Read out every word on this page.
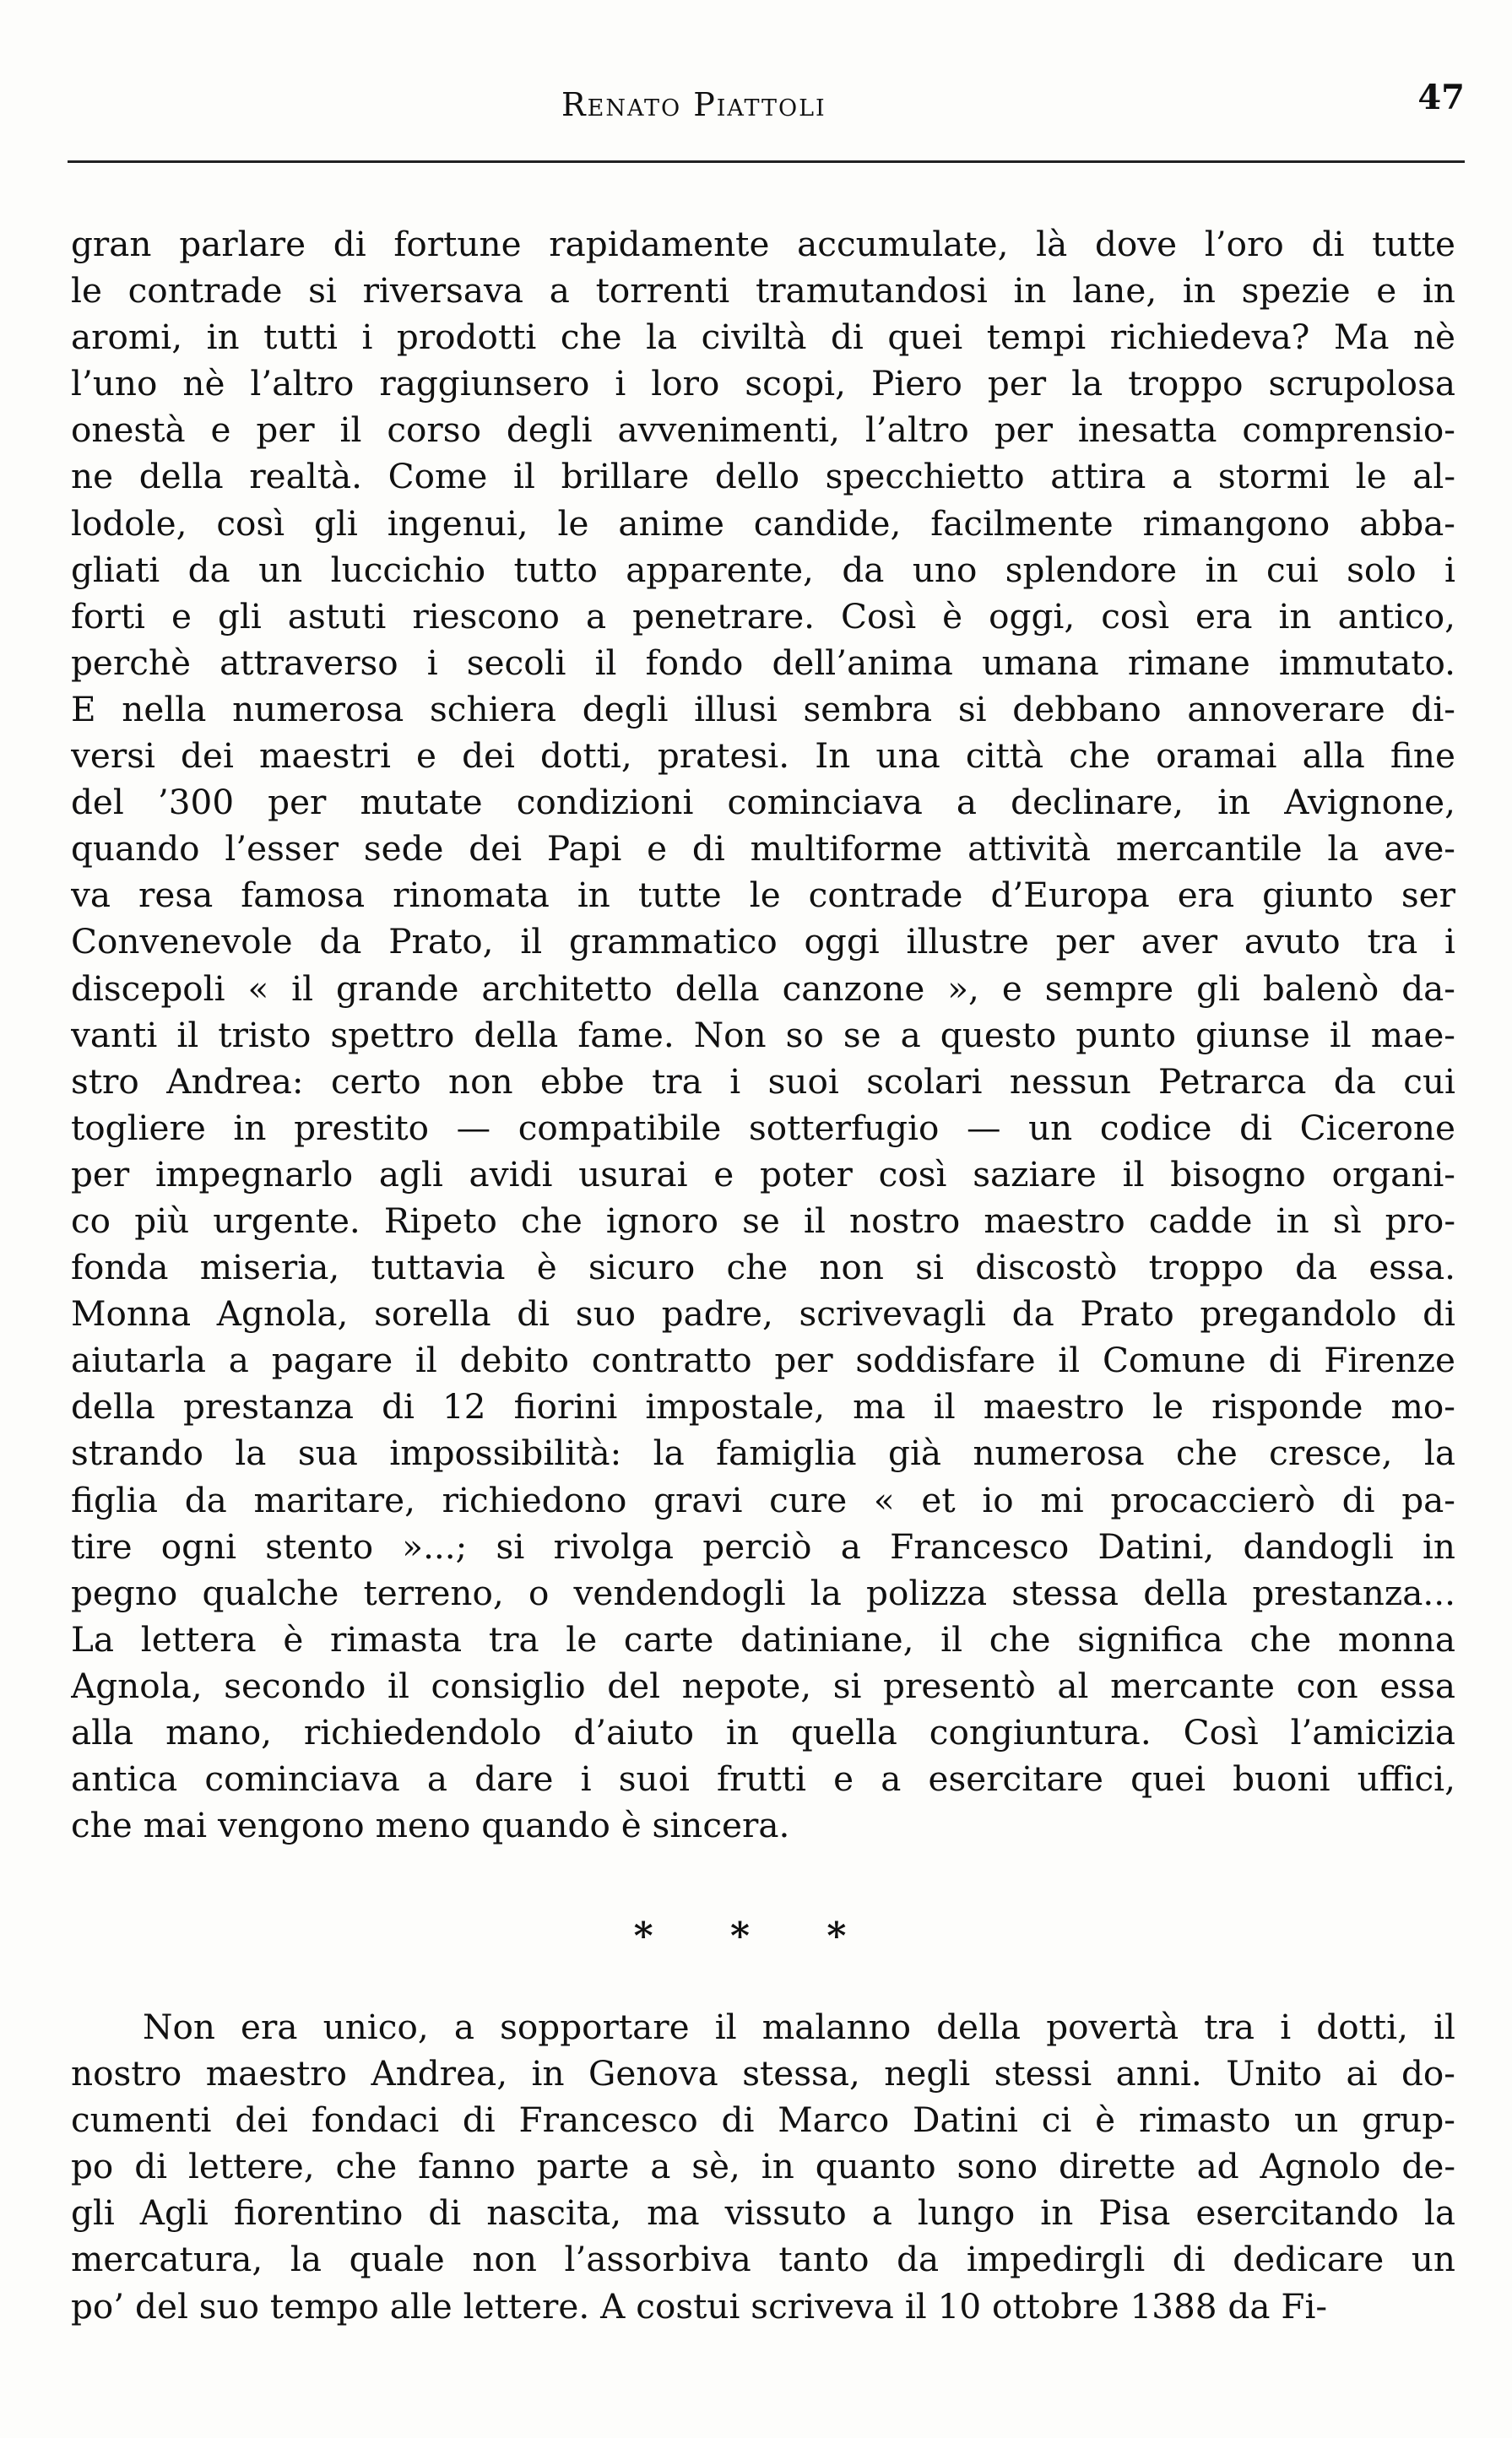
Renato Piattoli	47
gran parlare di fortune rapidamente accumulate, là dove l’oro di tutte
le contrade si riversava a torrenti tramutandosi in lane, in spezie e in
aromi, in tutti i prodotti che la civiltà di quei tempi richiedeva? Ma nè
l’uno nè l’altro raggiunsero i loro scopi, Piero per la troppo scrupolosa
onestà e per il corso degli avvenimenti, l’altro per inesatta comprensio-
ne della realtà. Come il brillare dello specchietto attira a stormi le al-
lodole, così gli ingenui, le anime candide, facilmente rimangono abba-
gliati da un luccichio tutto apparente, da uno splendore in cui solo i
forti e gli astuti riescono a penetrare. Così è oggi, così era in antico,
perchè attraverso i secoli il fondo dell’anima umana rimane immutato.
E nella numerosa schiera degli illusi sembra si debbano annoverare di-
versi dei maestri e dei dotti, pratesi. In una città che oramai alla fine
del ’300 per mutate condizioni cominciava a declinare, in Avignone,
quando l’esser sede dei Papi e di multiforme attività mercantile la ave-
va resa famosa rinomata in tutte le contrade d’Europa era giunto ser
Convenevole da Prato, il grammatico oggi illustre per aver avuto tra i
discepoli « il grande architetto della canzone », e sempre gli balenò da-
vanti il tristo spettro della fame. Non so se a questo punto giunse il mae-
stro Andrea: certo non ebbe tra i suoi scolari nessun Petrarca da cui
togliere in prestito — compatibile sotterfugio — un codice di Cicerone
per impegnarlo agli avidi usurai e poter così saziare il bisogno organi-
co più urgente. Ripeto che ignoro se il nostro maestro cadde in sì pro-
fonda miseria, tuttavia è sicuro che non si discostò troppo da essa.
Monna Agnola, sorella di suo padre, scrivevagli da Prato pregandolo di
aiutarla a pagare il debito contratto per soddisfare il Comune di Firenze
della prestanza di 12 fiorini impostale, ma il maestro le risponde mo-
strando la sua impossibilità: la famiglia già numerosa che cresce, la
figlia da maritare, richiedono gravi cure « et io mi procaccierò di pa-
tire ogni stento »...; si rivolga perciò a Francesco Datini, dandogli in
pegno qualche terreno, o vendendogli la polizza stessa della prestanza...
La lettera è rimasta tra le carte datiniane, il che significa che monna
Agnola, secondo il consiglio del nepote, si presentò al mercante con essa
alla mano, richiedendolo d’aiuto in quella congiuntura. Così l’amicizia
antica cominciava a dare i suoi frutti e a esercitare quei buoni uffici,
che mai vengono meno quando è sincera.
* * *
Non era unico, a sopportare il malanno della povertà tra i dotti, il
nostro maestro Andrea, in Genova stessa, negli stessi anni. Unito ai do-
cumenti dei fondaci di Francesco di Marco Datini ci è rimasto un grup-
po di lettere, che fanno parte a sè, in quanto sono dirette ad Agnolo de-
gli Agli fiorentino di nascita, ma vissuto a lungo in Pisa esercitando la
mercatura, la quale non l’assorbiva tanto da impedirgli di dedicare un
po’ del suo tempo alle lettere. A costui scriveva il 10 ottobre 1388 da Fi-
